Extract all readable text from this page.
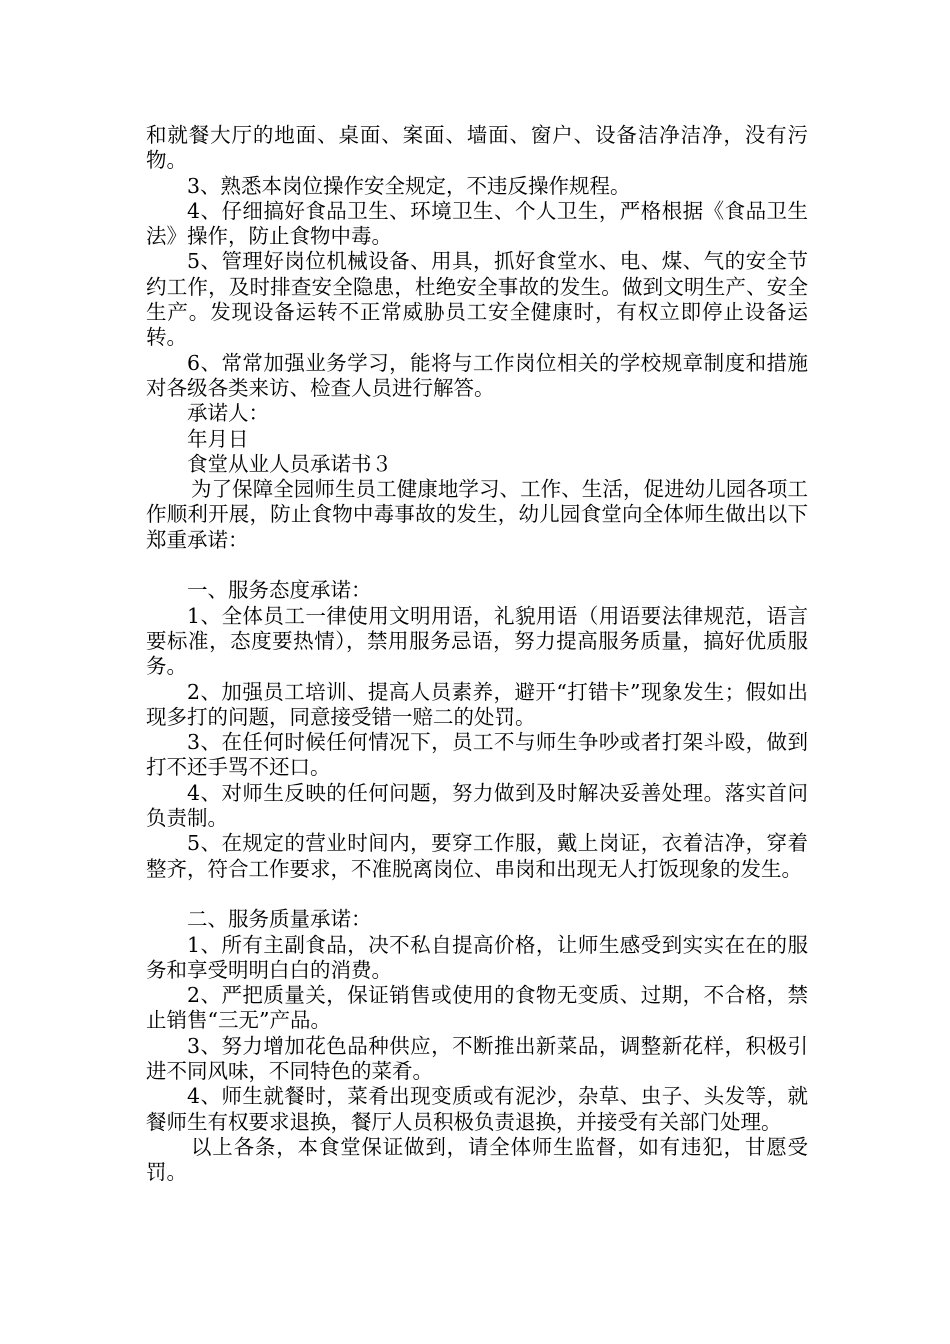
和就餐大厅的地面、桌面、案面、墙面、窗户、设备洁净洁净，没有污物。

3、熟悉本岗位操作安全规定，不违反操作规程。

4、仔细搞好食品卫生、环境卫生、个人卫生，严格根据《食品卫生法》操作，防止食物中毒。

5、管理好岗位机械设备、用具，抓好食堂水、电、煤、气的安全节约工作，及时排查安全隐患，杜绝安全事故的发生。做到文明生产、安全生产。发现设备运转不正常威胁员工安全健康时，有权立即停止设备运转。

6、常常加强业务学习，能将与工作岗位相关的学校规章制度和措施对各级各类来访、检查人员进行解答。

承诺人：

年月日

食堂从业人员承诺书３

为了保障全园师生员工健康地学习、工作、生活，促进幼儿园各项工作顺利开展，防止食物中毒事故的发生，幼儿园食堂向全体师生做出以下郑重承诺：

一、服务态度承诺：

1、全体员工一律使用文明用语，礼貌用语（用语要法律规范，语言要标准，态度要热情），禁用服务忌语，努力提高服务质量，搞好优质服务。

2、加强员工培训、提高人员素养，避开“打错卡”现象发生；假如出现多打的问题，同意接受错一赔二的处罚。

3、在任何时候任何情况下，员工不与师生争吵或者打架斗殴，做到打不还手骂不还口。

4、对师生反映的任何问题，努力做到及时解决妥善处理。落实首问负责制。

5、在规定的营业时间内，要穿工作服，戴上岗证，衣着洁净，穿着整齐，符合工作要求，不准脱离岗位、串岗和出现无人打饭现象的发生。

二、服务质量承诺：

1、所有主副食品，决不私自提高价格，让师生感受到实实在在的服务和享受明明白白的消费。

2、严把质量关，保证销售或使用的食物无变质、过期，不合格，禁止销售“三无”产品。

3、努力增加花色品种供应，不断推出新菜品，调整新花样，积极引进不同风味，不同特色的菜肴。

4、师生就餐时，菜肴出现变质或有泥沙，杂草、虫子、头发等，就餐师生有权要求退换，餐厅人员积极负责退换，并接受有关部门处理。

以上各条，本食堂保证做到，请全体师生监督，如有违犯，甘愿受罚。
